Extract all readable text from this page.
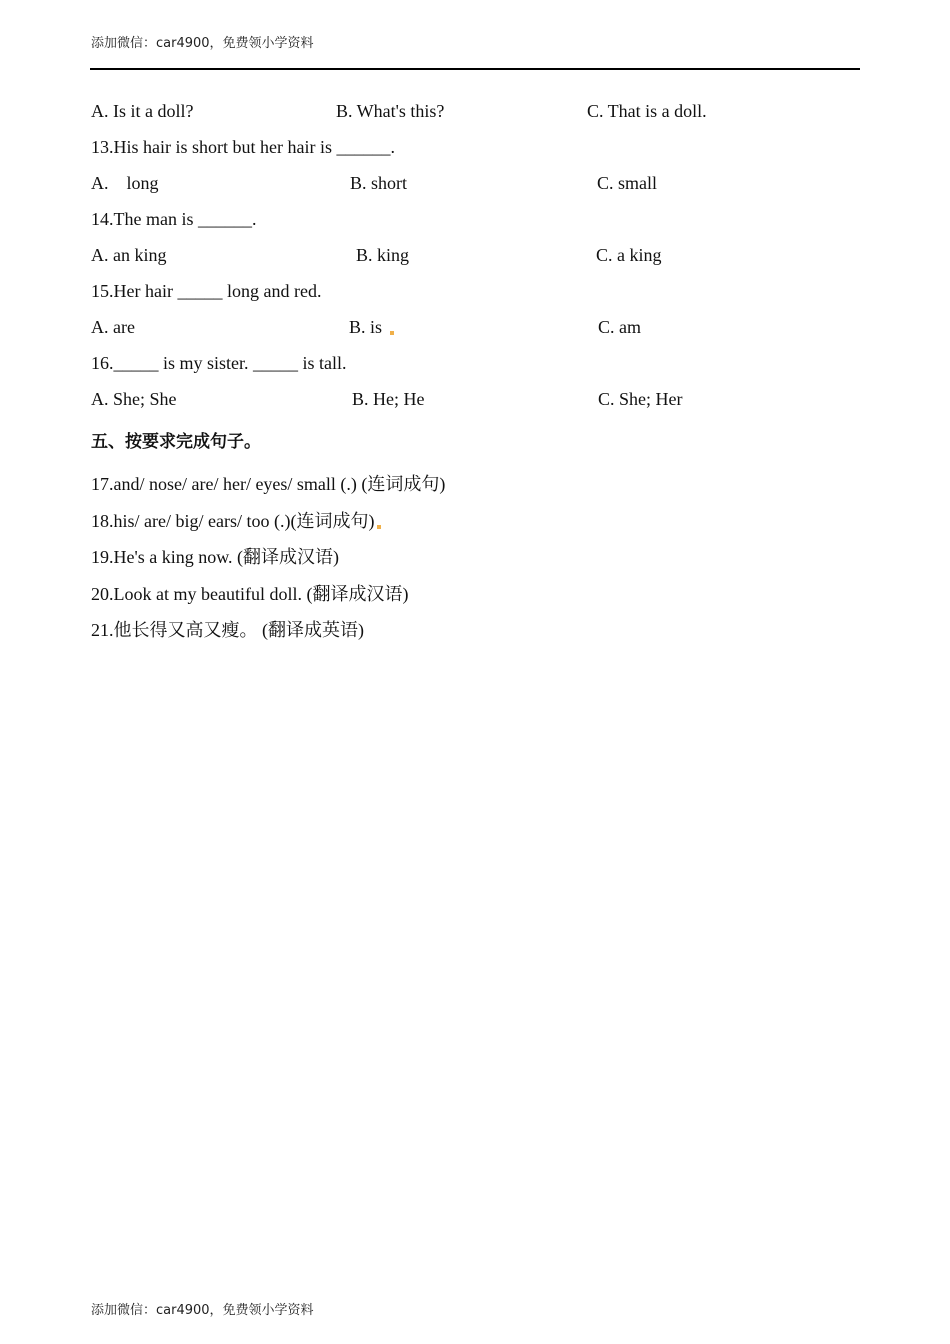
添加微信：car4900，免费领小学资料
A. Is it a doll?	B. What's this?	C. That is a doll.
13.His hair is short but her hair is ______.
A.    long	B. short	C. small
14.The man is ______.
A. an king	B. king	C. a king
15.Her hair _____ long and red.
A. are	B. is	C. am
16._____ is my sister. _____ is tall.
A. She; She	B. He; He	C. She; Her
五、按要求完成句子。
17.and/ nose/ are/ her/ eyes/ small (.) (连词成句)
18.his/ are/ big/ ears/ too (.)(连词成句)
19.He's a king now. (翻译成汉语)
20.Look at my beautiful doll. (翻译成汉语)
21.他长得又高又瘦。 (翻译成英语)
添加微信：car4900，免费领小学资料
